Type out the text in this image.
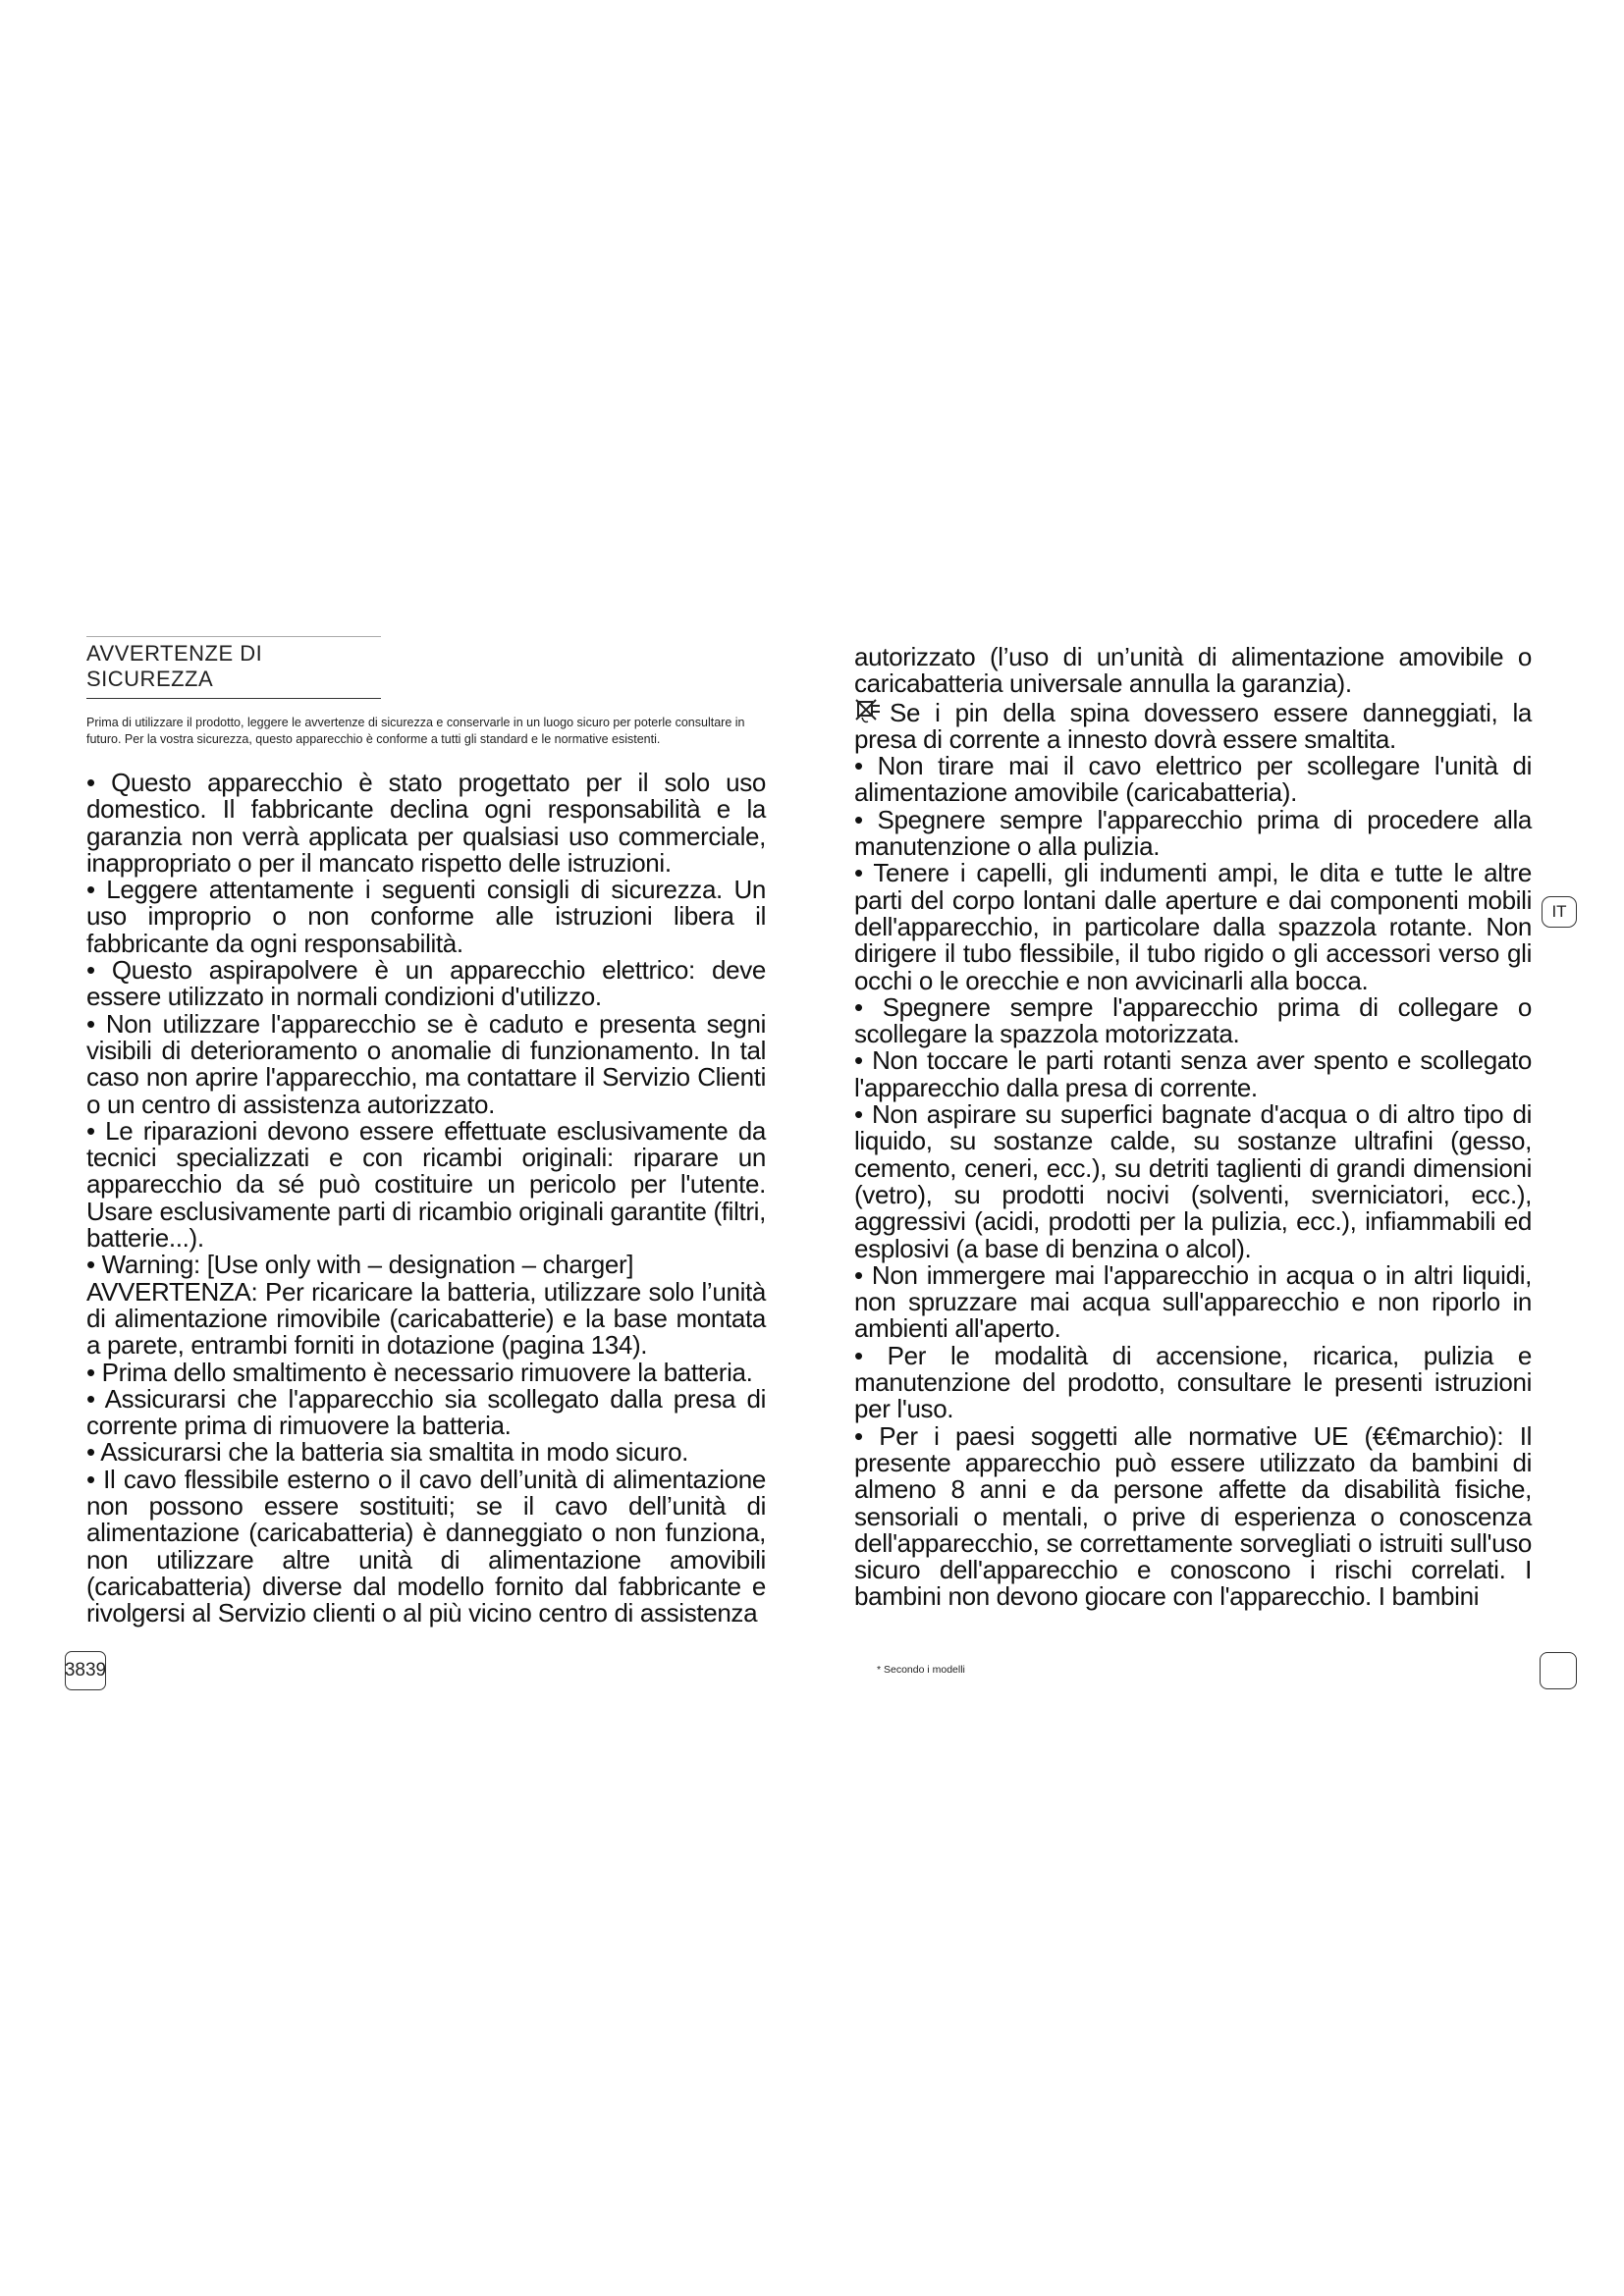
AVVERTENZE DI SICUREZZA
Prima di utilizzare il prodotto, leggere le avvertenze di sicurezza e conservarle in un luogo sicuro per poterle consultare in futuro. Per la vostra sicurezza, questo apparecchio è conforme a tutti gli standard e le normative esistenti.

• Questo apparecchio è stato progettato per il solo uso domestico. Il fabbricante declina ogni responsabilità e la garanzia non verrà applicata per qualsiasi uso commerciale, inappropriato o per il mancato rispetto delle istruzioni.

• Leggere attentamente i seguenti consigli di sicurezza. Un uso improprio o non conforme alle istruzioni libera il fabbricante da ogni responsabilità.

• Questo aspirapolvere è un apparecchio elettrico: deve essere utilizzato in normali condizioni d'utilizzo.

• Non utilizzare l'apparecchio se è caduto e presenta segni visibili di deterioramento o anomalie di funzionamento. In tal caso non aprire l'apparecchio, ma contattare il Servizio Clienti o un centro di assistenza autorizzato.

• Le riparazioni devono essere effettuate esclusivamente da tecnici specializzati e con ricambi originali: riparare un apparecchio da sé può costituire un pericolo per l'utente. Usare esclusivamente parti di ricambio originali garantite (filtri, batterie...).

• Warning: [Use only with – designation – charger]

AVVERTENZA: Per ricaricare la batteria, utilizzare solo l’unità di alimentazione rimovibile (caricabatterie) e la base montata a parete, entrambi forniti in dotazione (pagina 134).

• Prima dello smaltimento è necessario rimuovere la batteria.

• Assicurarsi che l'apparecchio sia scollegato dalla presa di corrente prima di rimuovere la batteria.

• Assicurarsi che la batteria sia smaltita in modo sicuro.

• Il cavo flessibile esterno o il cavo dell’unità di alimentazione non possono essere sostituiti; se il cavo dell’unità di alimentazione (caricabatteria) è danneggiato o non funziona, non utilizzare altre unità di alimentazione amovibili (caricabatteria) diverse dal modello fornito dal fabbricante e rivolgersi al Servizio clienti o al più vicino centro di assistenza

3839

autorizzato (l’uso di un’unità di alimentazione amovibile o caricabatteria universale annulla la garanzia).

Se i pin della spina dovessero essere danneggiati, la presa di corrente a innesto dovrà essere smaltita.

• Non tirare mai il cavo elettrico per scollegare l'unità di alimentazione amovibile (caricabatteria).

• Spegnere sempre l'apparecchio prima di procedere alla manutenzione o alla pulizia.

• Tenere i capelli, gli indumenti ampi, le dita e tutte le altre parti del corpo lontani dalle aperture e dai componenti mobili dell'apparecchio, in particolare dalla spazzola rotante. Non dirigere il tubo flessibile, il tubo rigido o gli accessori verso gli occhi o le orecchie e non avvicinarli alla bocca.

• Spegnere sempre l'apparecchio prima di collegare o scollegare la spazzola motorizzata.

• Non toccare le parti rotanti senza aver spento e scollegato l'apparecchio dalla presa di corrente.

• Non aspirare su superfici bagnate d'acqua o di altro tipo di liquido, su sostanze calde, su sostanze ultrafini (gesso, cemento, ceneri, ecc.), su detriti taglienti di grandi dimensioni (vetro), su prodotti nocivi (solventi, sverniciatori, ecc.), aggressivi (acidi, prodotti per la pulizia, ecc.), infiammabili ed esplosivi (a base di benzina o alcol).

• Non immergere mai l'apparecchio in acqua o in altri liquidi, non spruzzare mai acqua sull'apparecchio e non riporlo in ambienti all'aperto.

• Per le modalità di accensione, ricarica, pulizia e manutenzione del prodotto, consultare le presenti istruzioni per l'uso.

• Per i paesi soggetti alle normative UE (€€marchio): Il presente apparecchio può essere utilizzato da bambini di almeno 8 anni e da persone affette da disabilità fisiche, sensoriali o mentali, o prive di esperienza o conoscenza dell'apparecchio, se correttamente sorvegliati o istruiti sull'uso sicuro dell'apparecchio e conoscono i rischi correlati. I bambini non devono giocare con l'apparecchio. I bambini

IT
* Secondo i modelli
